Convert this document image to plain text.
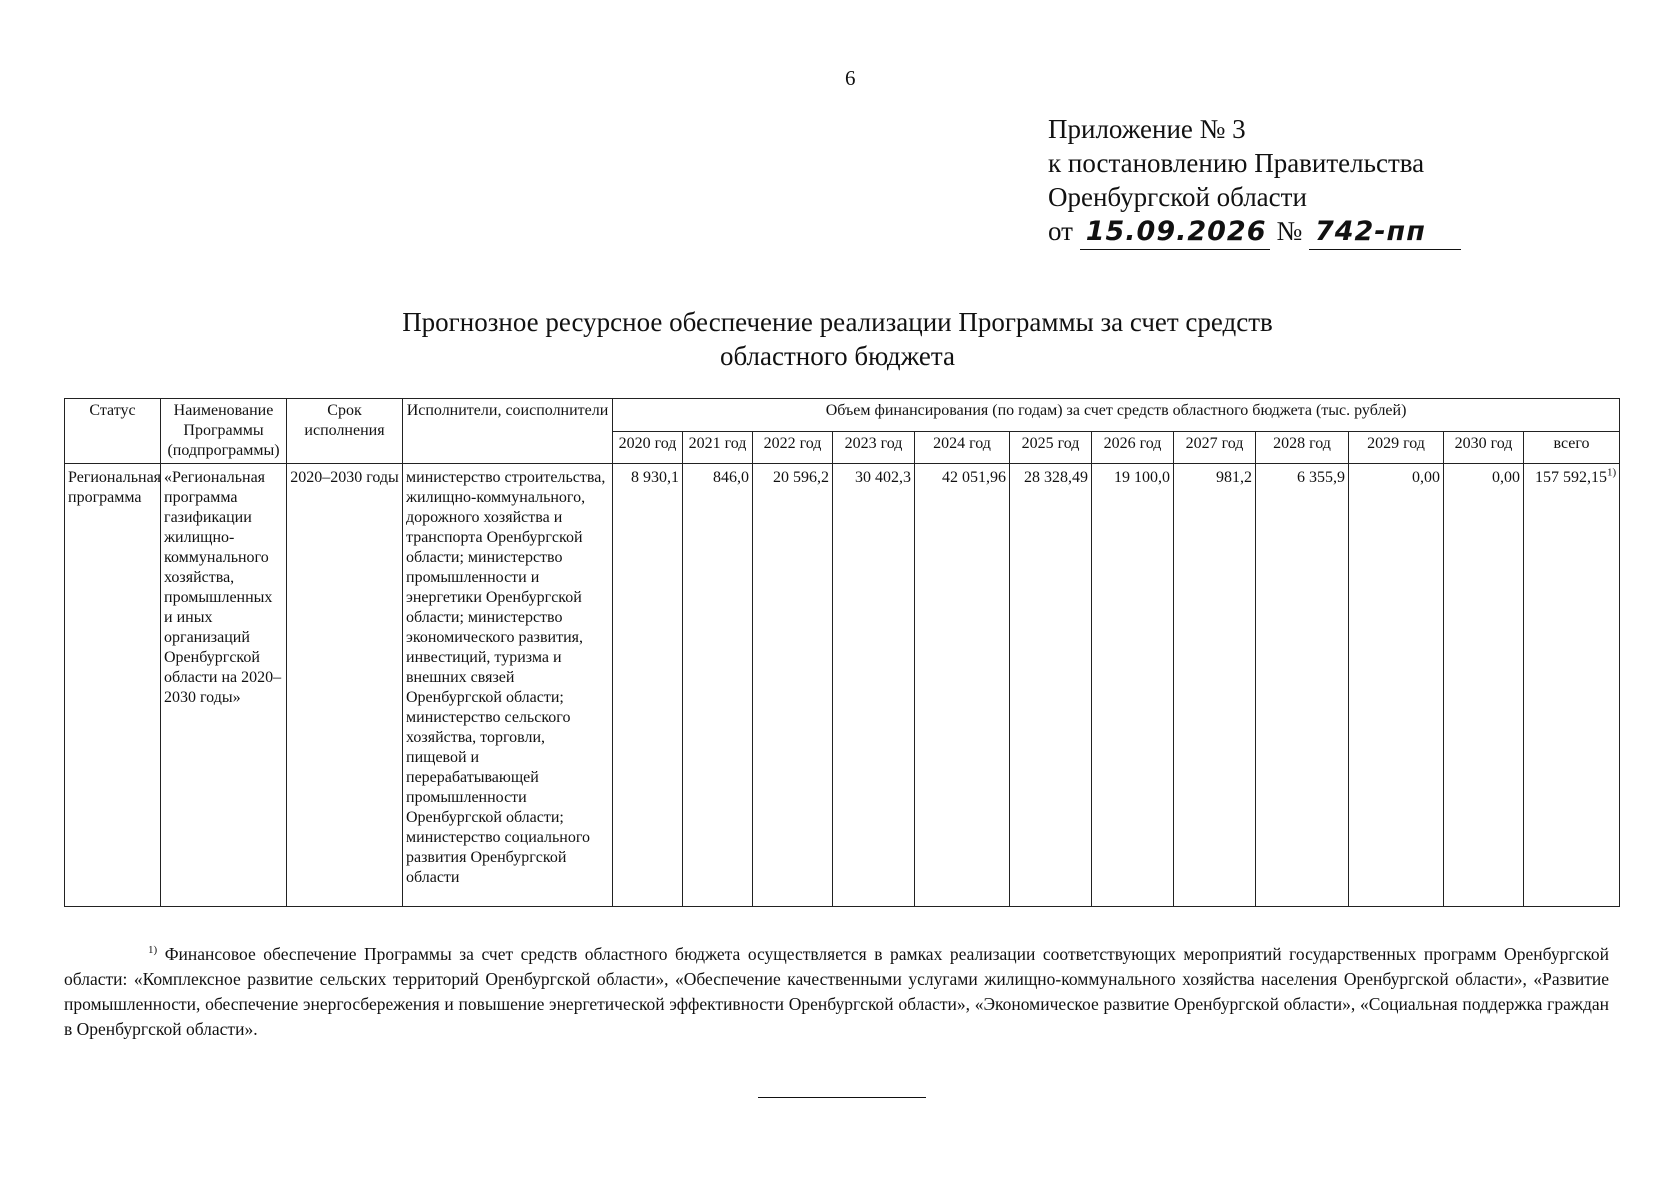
6
Приложение № 3
к постановлению Правительства
Оренбургской области
от 15.09.2026 № 742-пп
Прогнозное ресурсное обеспечение реализации Программы за счет средств
областного бюджета
Статус	Наименование Программы (подпрограммы)	Срок исполнения	Исполнители, соисполнители	Объем финансирования (по годам) за счет средств областного бюджета (тыс. рублей)											
				2020 год	2021 год	2022 год	2023 год	2024 год	2025 год	2026 год	2027 год	2028 год	2029 год	2030 год	всего
Региональная программа	«Региональная программа газификации жилищно-коммунального хозяйства, промышленных и иных организаций Оренбургской области на 2020–2030 годы»	2020–2030 годы	министерство строительства, жилищно-коммунального, дорожного хозяйства и транспорта Оренбургской области; министерство промышленности и энергетики Оренбургской области; министерство экономического развития, инвестиций, туризма и внешних связей Оренбургской области; министерство сельского хозяйства, торговли, пищевой и перерабатывающей промышленности Оренбургской области; министерство социального развития Оренбургской области	8 930,1	846,0	20 596,2	30 402,3	42 051,96	28 328,49	19 100,0	981,2	6 355,9	0,00	0,00	157 592,15$^{1)}$
$^{1)}$ Финансовое обеспечение Программы за счет средств областного бюджета осуществляется в рамках реализации соответствующих мероприятий государственных программ Оренбургской области: «Комплексное развитие сельских территорий Оренбургской области», «Обеспечение качественными услугами жилищно-коммунального хозяйства населения Оренбургской области», «Развитие промышленности, обеспечение энергосбережения и повышение энергетической эффективности Оренбургской области», «Экономическое развитие Оренбургской области», «Социальная поддержка граждан в Оренбургской области».
